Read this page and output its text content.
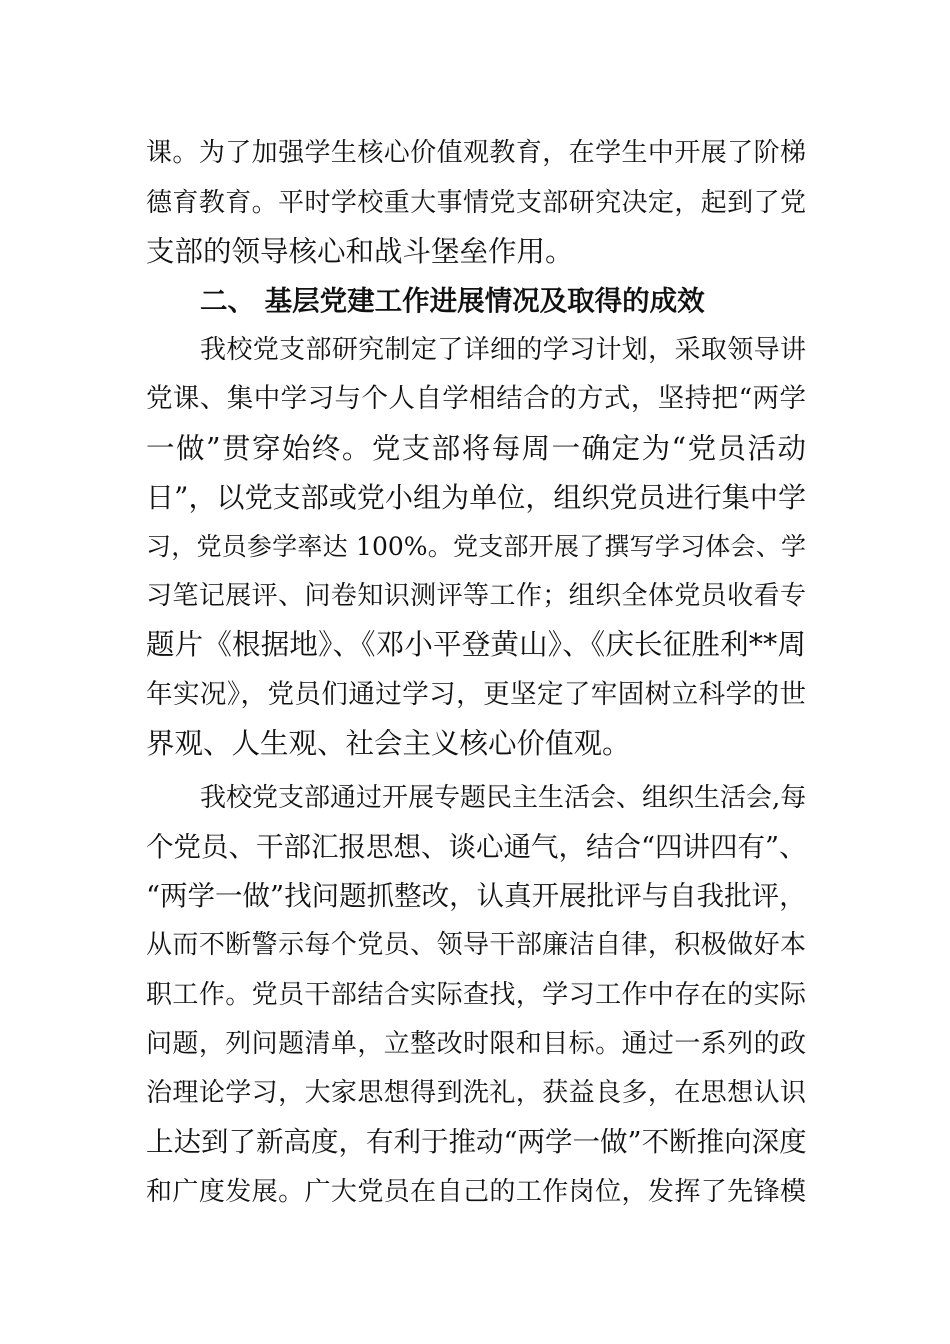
课。为了加强学生核心价值观教育，在学生中开展了阶梯
德育教育。平时学校重大事情党支部研究决定，起到了党
支部的领导核心和战斗堡垒作用。
二、 基层党建工作进展情况及取得的成效
我校党支部研究制定了详细的学习计划，采取领导讲
党课、集中学习与个人自学相结合的方式，坚持把“两学
一做”贯穿始终。党支部将每周一确定为“党员活动
日”，以党支部或党小组为单位，组织党员进行集中学
习，党员参学率达 100%。党支部开展了撰写学习体会、学
习笔记展评、问卷知识测评等工作；组织全体党员收看专
题片《根据地》、《邓小平登黄山》、《庆长征胜利**周
年实况》，党员们通过学习，更坚定了牢固树立科学的世
界观、人生观、社会主义核心价值观。
我校党支部通过开展专题民主生活会、组织生活会,每
个党员、干部汇报思想、谈心通气，结合“四讲四有”、
“两学一做”找问题抓整改，认真开展批评与自我批评，
从而不断警示每个党员、领导干部廉洁自律，积极做好本
职工作。党员干部结合实际查找，学习工作中存在的实际
问题，列问题清单，立整改时限和目标。通过一系列的政
治理论学习，大家思想得到洗礼，获益良多，在思想认识
上达到了新高度，有利于推动“两学一做”不断推向深度
和广度发展。广大党员在自己的工作岗位，发挥了先锋模
